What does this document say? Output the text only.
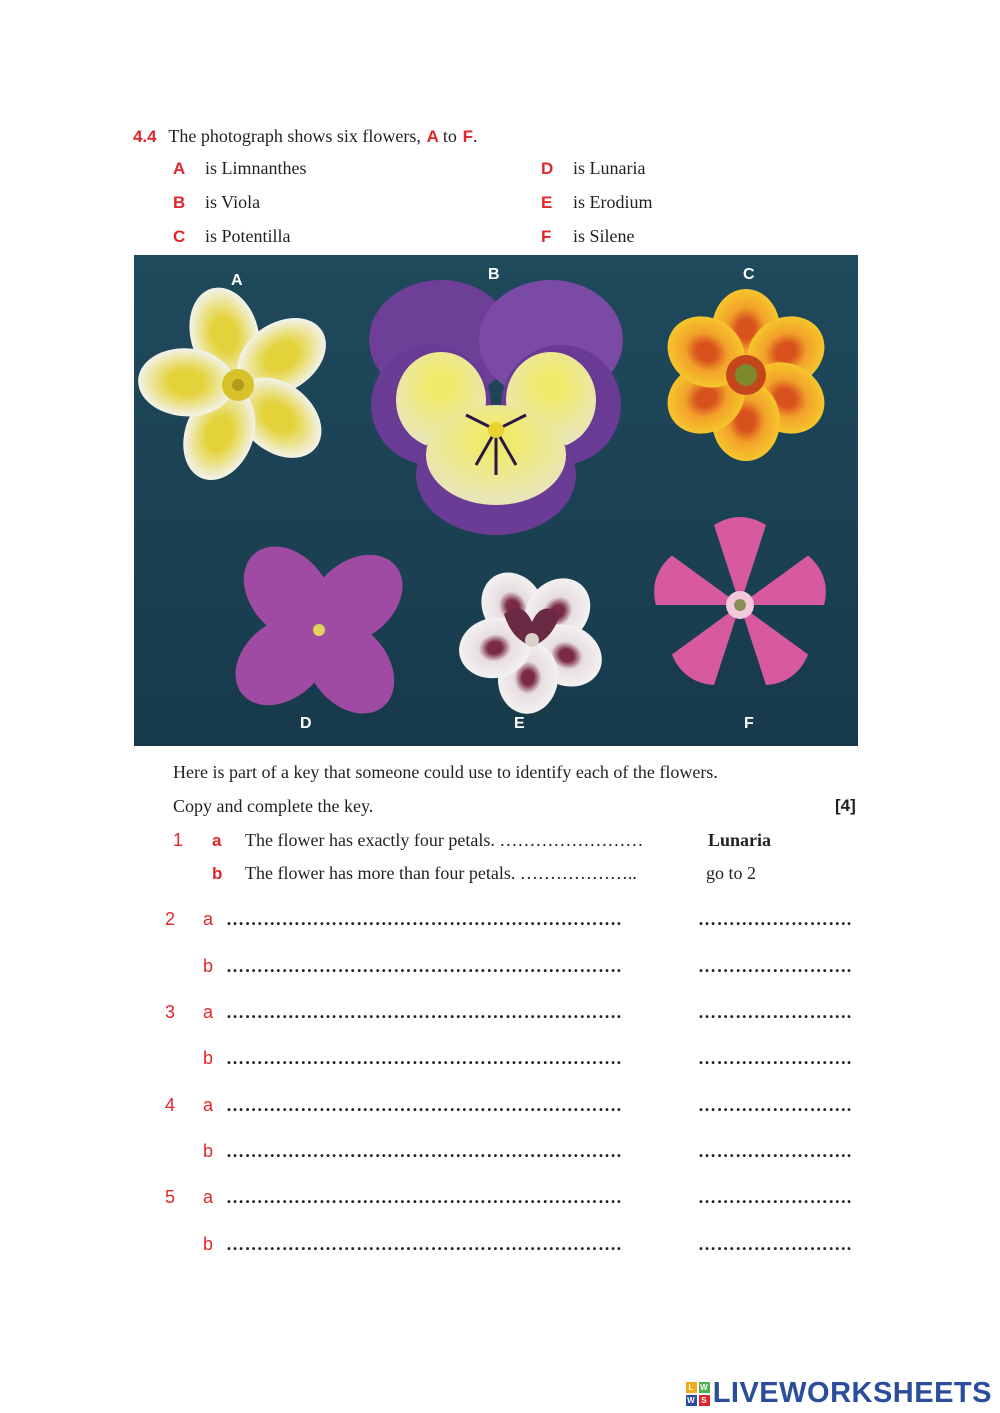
4.4 The photograph shows six flowers, A to F.
A is Limnanthes
B is Viola
C is Potentilla
D is Lunaria
E is Erodium
F is Silene
A	B	C
D	E	F
Here is part of a key that someone could use to identify each of the flowers.
Copy and complete the key.	[4]
1 a The flower has exactly four petals. ……………………	Lunaria
b The flower has more than four petals. ………………..	go to 2
2 a ……………………………………………………….	…………………….
b ……………………………………………………….	…………………….
3 a ……………………………………………………….	…………………….
b ……………………………………………………….	…………………….
4 a ……………………………………………………….	…………………….
b ……………………………………………………….	…………………….
5 a ……………………………………………………….	…………………….
b ……………………………………………………….	…………………….
L W
W S LIVEWORKSHEETS
